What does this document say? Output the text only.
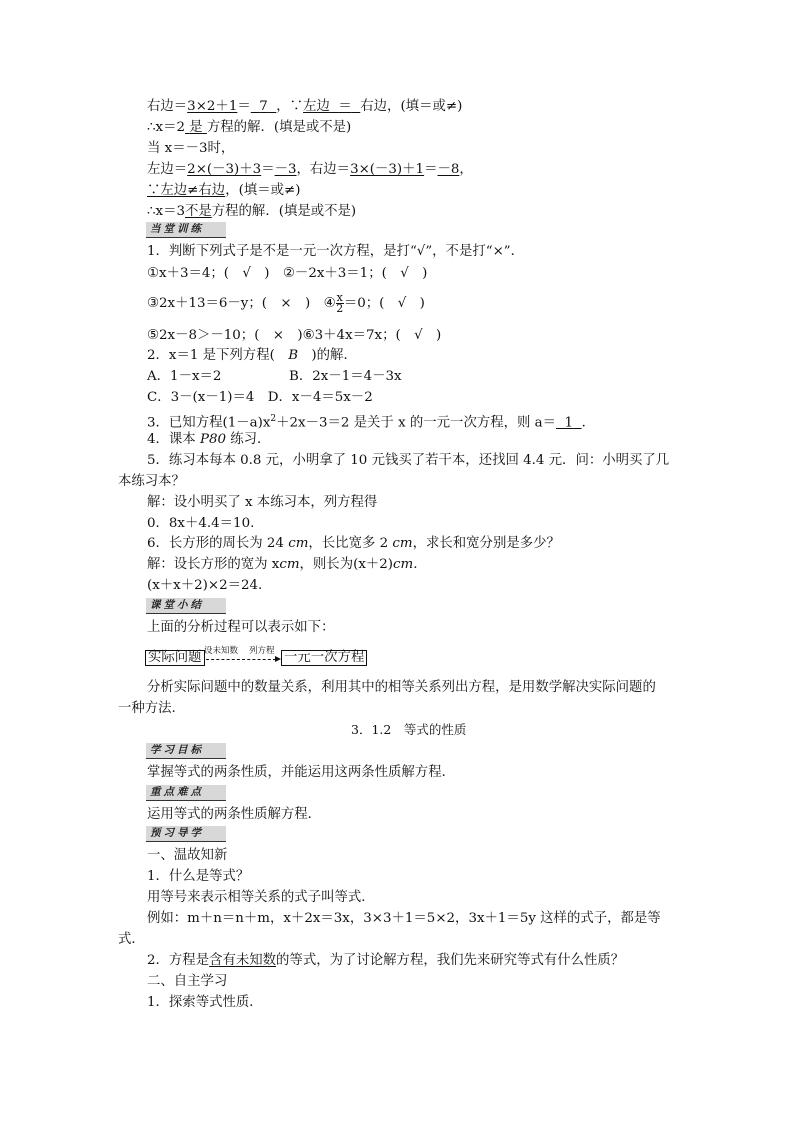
右边＝3×2＋1＝ 7 ，∵左边 ＝ 右边，(填＝或≠)
∴x＝2 是 方程的解．(填是或不是)
当 x＝－3时，
左边＝2×(－3)＋3＝－3，右边＝3×(－3)＋1＝－8，
∵左边≠右边，(填＝或≠)
∴x＝3不是方程的解．(填是或不是)
当堂训练
1．判断下列式子是不是一元一次方程，是打“√”，不是打“×”．
①x＋3＝4；(　√　)　②－2x＋3＝1；(　√　)
③2x＋13＝6－y；(　×　)　④ $\frac{x}{2} =0$；(　√　)
⑤2x－8＞－10；(　×　)⑥3＋4x＝7x；(　√　)
2．x＝1 是下列方程(　B　)的解．
A．1－x＝2	B．2x－1＝4－3x
C．3－(x－1)＝4　D．x－4＝5x－2
3．已知方程$(1-a)x^2+2x-3=2$ 是关于 x 的一元一次方程，则 a＝ 1 ．
4．课本 P80 练习．
5．练习本每本 0.8 元，小明拿了 10 元钱买了若干本，还找回 4.4 元．问：小明买了几
本练习本？
解：设小明买了 x 本练习本，列方程得
0．8x＋4.4＝10.
6．长方形的周长为 24 cm，长比宽多 2 cm，求长和宽分别是多少？
解：设长方形的宽为 xcm，则长为(x＋2)cm.
(x＋x＋2)×2＝24.
课堂小结
上面的分析过程可以表示如下：
实际问题 设未知数 列方程 一元一次方程
分析实际问题中的数量关系，利用其中的相等关系列出方程，是用数学解决实际问题的
一种方法.
3．1.2　等式的性质
学习目标
掌握等式的两条性质，并能运用这两条性质解方程．
重点难点
运用等式的两条性质解方程．
预习导学
一、温故知新
1．什么是等式？
用等号来表示相等关系的式子叫等式．
例如：m＋n＝n＋m，x＋2x＝3x，3×3＋1＝5×2，3x＋1＝5y 这样的式子，都是等
式．
2．方程是含有未知数的等式，为了讨论解方程，我们先来研究等式有什么性质？
二、自主学习
1．探索等式性质．
